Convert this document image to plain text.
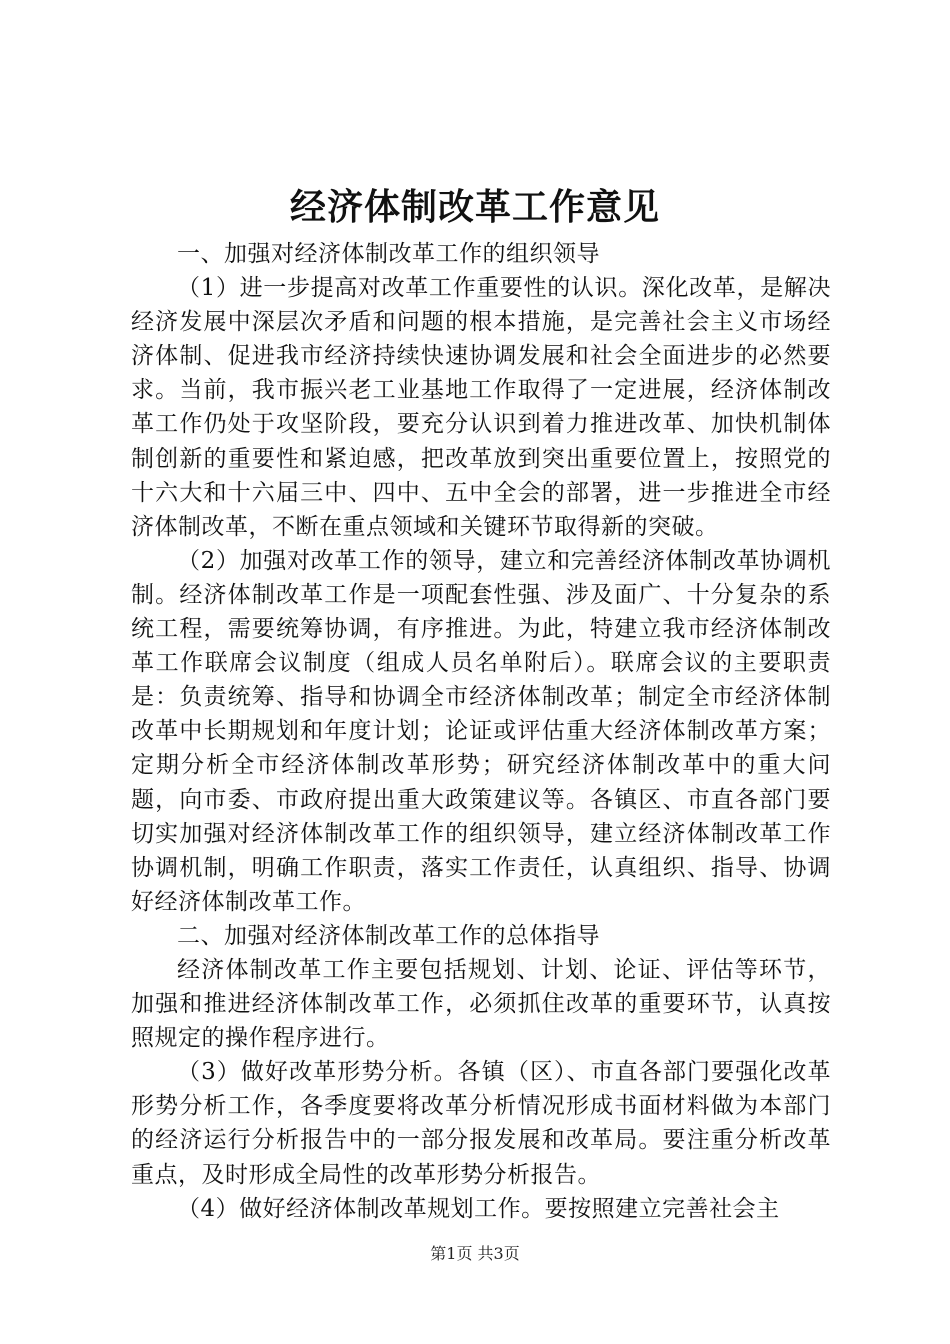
经济体制改革工作意见

一、加强对经济体制改革工作的组织领导

（1）进一步提高对改革工作重要性的认识。深化改革，是解决经济发展中深层次矛盾和问题的根本措施，是完善社会主义市场经济体制、促进我市经济持续快速协调发展和社会全面进步的必然要求。当前，我市振兴老工业基地工作取得了一定进展，经济体制改革工作仍处于攻坚阶段，要充分认识到着力推进改革、加快机制体制创新的重要性和紧迫感，把改革放到突出重要位置上，按照党的十六大和十六届三中、四中、五中全会的部署，进一步推进全市经济体制改革，不断在重点领域和关键环节取得新的突破。

（2）加强对改革工作的领导，建立和完善经济体制改革协调机制。经济体制改革工作是一项配套性强、涉及面广、十分复杂的系统工程，需要统筹协调，有序推进。为此，特建立我市经济体制改革工作联席会议制度（组成人员名单附后）。联席会议的主要职责是：负责统筹、指导和协调全市经济体制改革；制定全市经济体制改革中长期规划和年度计划；论证或评估重大经济体制改革方案；定期分析全市经济体制改革形势；研究经济体制改革中的重大问题，向市委、市政府提出重大政策建议等。各镇区、市直各部门要切实加强对经济体制改革工作的组织领导，建立经济体制改革工作协调机制，明确工作职责，落实工作责任，认真组织、指导、协调好经济体制改革工作。

二、加强对经济体制改革工作的总体指导

经济体制改革工作主要包括规划、计划、论证、评估等环节，加强和推进经济体制改革工作，必须抓住改革的重要环节，认真按照规定的操作程序进行。

（3）做好改革形势分析。各镇（区）、市直各部门要强化改革形势分析工作，各季度要将改革分析情况形成书面材料做为本部门的经济运行分析报告中的一部分报发展和改革局。要注重分析改革重点，及时形成全局性的改革形势分析报告。

（4）做好经济体制改革规划工作。要按照建立完善社会主

第1页 共3页
